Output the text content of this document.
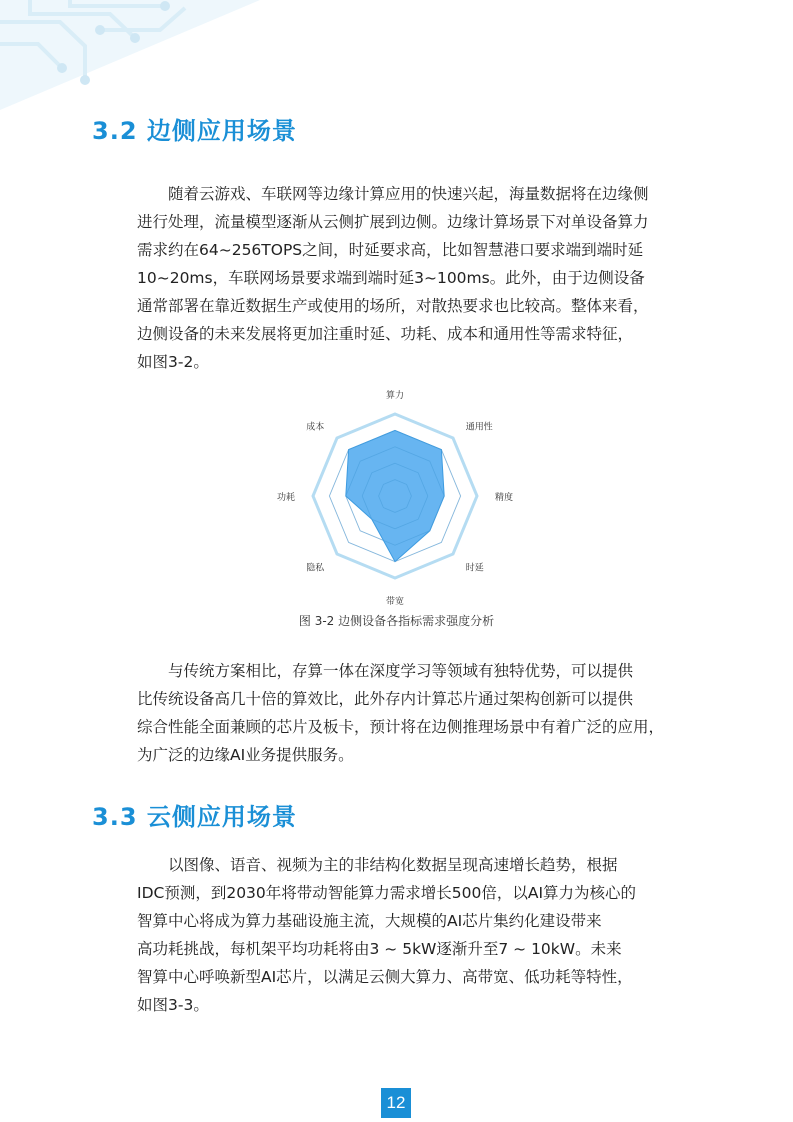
3.2 边侧应用场景
随着云游戏、车联网等边缘计算应用的快速兴起，海量数据将在边缘侧
进行处理，流量模型逐渐从云侧扩展到边侧。边缘计算场景下对单设备算力
需求约在64~256TOPS之间，时延要求高，比如智慧港口要求端到端时延
10~20ms，车联网场景要求端到端时延3~100ms。此外，由于边侧设备
通常部署在靠近数据生产或使用的场所，对散热要求也比较高。整体来看，
边侧设备的未来发展将更加注重时延、功耗、成本和通用性等需求特征，
如图3-2。
算力
通用性
精度
时延
带宽
隐私
功耗
成本

图 3-2 边侧设备各指标需求强度分析

与传统方案相比，存算一体在深度学习等领域有独特优势，可以提供
比传统设备高几十倍的算效比，此外存内计算芯片通过架构创新可以提供
综合性能全面兼顾的芯片及板卡，预计将在边侧推理场景中有着广泛的应用，
为广泛的边缘AI业务提供服务。
3.3 云侧应用场景
以图像、语音、视频为主的非结构化数据呈现高速增长趋势，根据
IDC预测，到2030年将带动智能算力需求增长500倍，以AI算力为核心的
智算中心将成为算力基础设施主流，大规模的AI芯片集约化建设带来
高功耗挑战，每机架平均功耗将由3 ~ 5kW逐渐升至7 ~ 10kW。未来
智算中心呼唤新型AI芯片，以满足云侧大算力、高带宽、低功耗等特性，
如图3-3。
12
